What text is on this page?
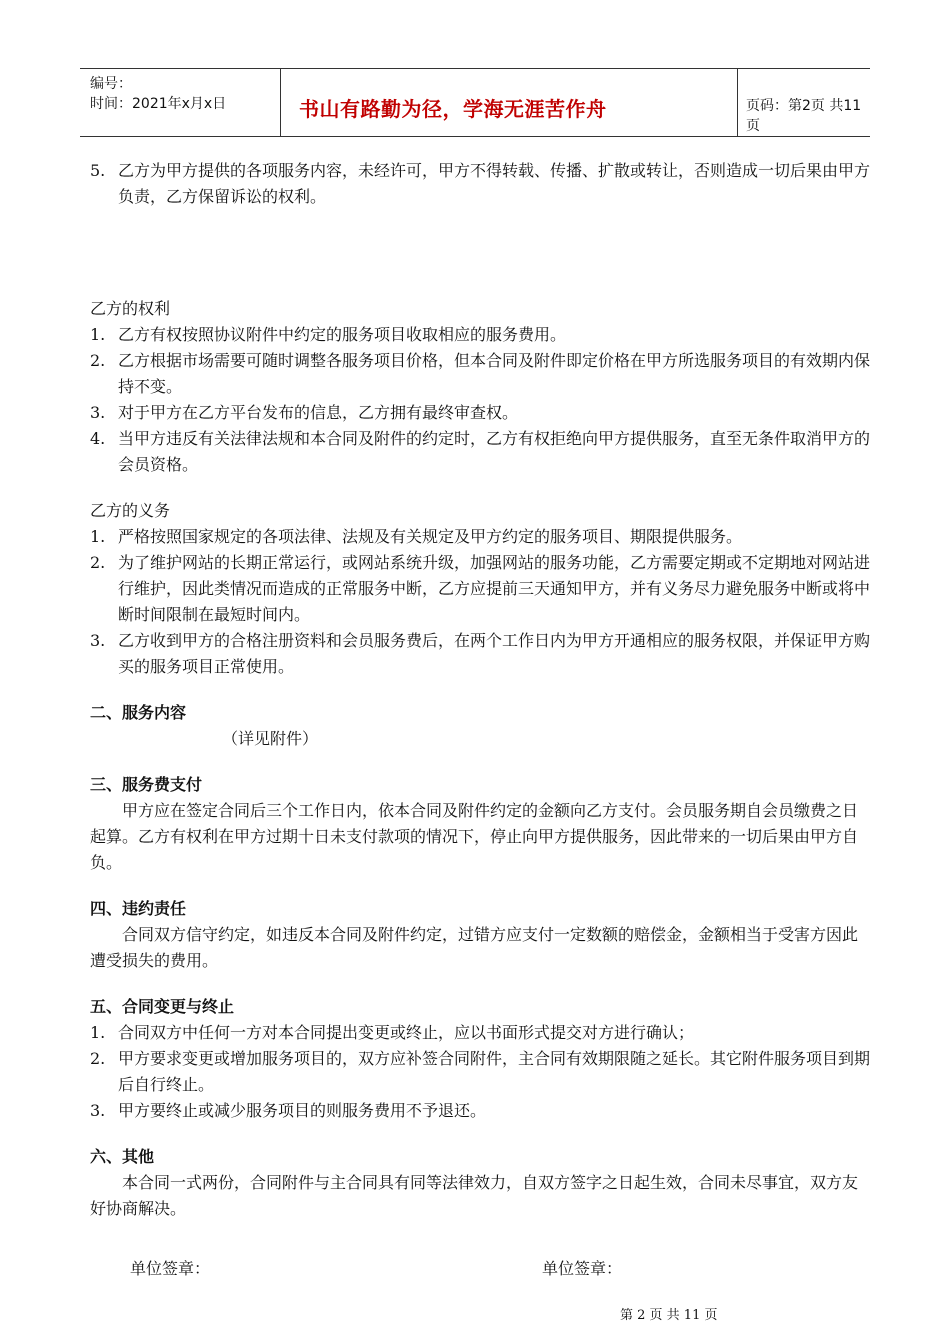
编号：
时间：2021年x月x日	书山有路勤为径，学海无涯苦作舟	页码：第2页 共11页
5. 乙方为甲方提供的各项服务内容，未经许可，甲方不得转载、传播、扩散或转让，否则造成一切后果由甲方负责，乙方保留诉讼的权利。
乙方的权利
1. 乙方有权按照协议附件中约定的服务项目收取相应的服务费用。
2. 乙方根据市场需要可随时调整各服务项目价格，但本合同及附件即定价格在甲方所选服务项目的有效期内保持不变。
3. 对于甲方在乙方平台发布的信息，乙方拥有最终审查权。
4. 当甲方违反有关法律法规和本合同及附件的约定时，乙方有权拒绝向甲方提供服务，直至无条件取消甲方的会员资格。
乙方的义务
1. 严格按照国家规定的各项法律、法规及有关规定及甲方约定的服务项目、期限提供服务。
2. 为了维护网站的长期正常运行，或网站系统升级，加强网站的服务功能，乙方需要定期或不定期地对网站进行维护，因此类情况而造成的正常服务中断，乙方应提前三天通知甲方，并有义务尽力避免服务中断或将中断时间限制在最短时间内。
3. 乙方收到甲方的合格注册资料和会员服务费后，在两个工作日内为甲方开通相应的服务权限，并保证甲方购买的服务项目正常使用。
二、服务内容
（详见附件）
三、服务费支付
甲方应在签定合同后三个工作日内，依本合同及附件约定的金额向乙方支付。会员服务期自会员缴费之日起算。乙方有权利在甲方过期十日未支付款项的情况下，停止向甲方提供服务，因此带来的一切后果由甲方自负。
四、违约责任
合同双方信守约定，如违反本合同及附件约定，过错方应支付一定数额的赔偿金，金额相当于受害方因此遭受损失的费用。
五、合同变更与终止
1. 合同双方中任何一方对本合同提出变更或终止，应以书面形式提交对方进行确认；
2. 甲方要求变更或增加服务项目的，双方应补签合同附件，主合同有效期限随之延长。其它附件服务项目到期后自行终止。
3. 甲方要终止或减少服务项目的则服务费用不予退还。
六、其他
本合同一式两份，合同附件与主合同具有同等法律效力，自双方签字之日起生效，合同未尽事宜，双方友好协商解决。
单位签章：	单位签章：
第 2 页 共 11 页
